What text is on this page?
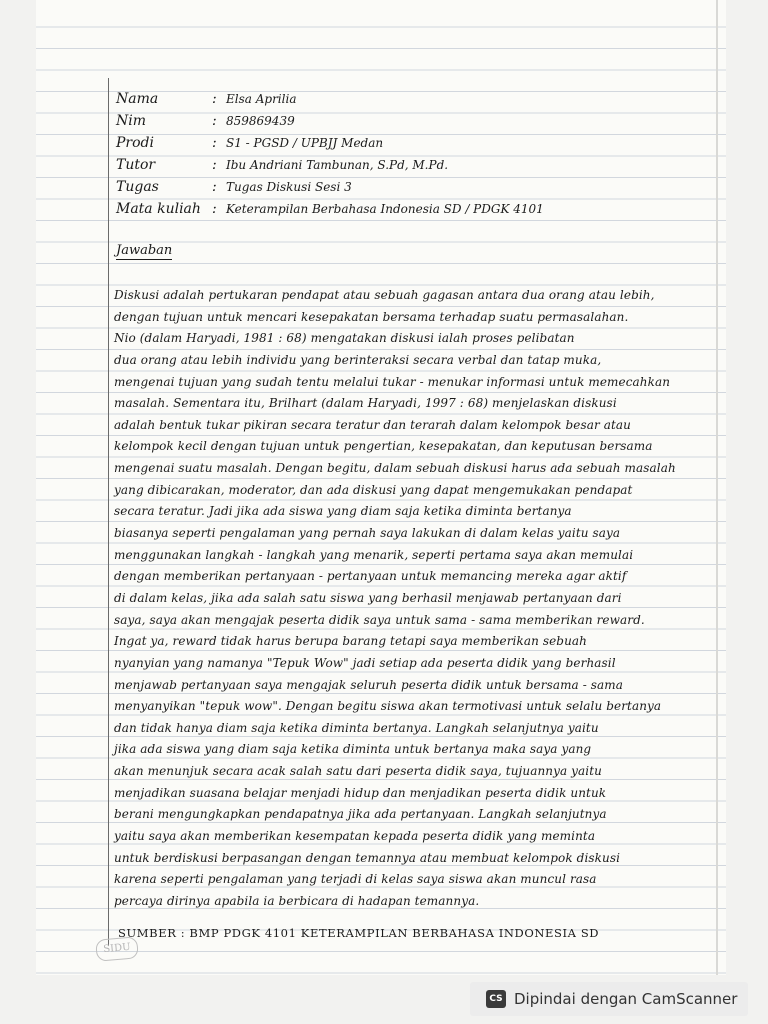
Nama	: Elsa Aprilia
Nim	: 859869439
Prodi	: S1 - PGSD / UPBJJ Medan
Tutor	: Ibu Andriani Tambunan, S.Pd, M.Pd.
Tugas	: Tugas Diskusi Sesi 3
Mata kuliah : Keterampilan Berbahasa Indonesia SD / PDGK 4101
Jawaban
Diskusi adalah pertukaran pendapat atau sebuah gagasan antara dua orang atau lebih,
dengan tujuan untuk mencari kesepakatan bersama terhadap suatu permasalahan.
Nio (dalam Haryadi, 1981 : 68) mengatakan diskusi ialah proses pelibatan
dua orang atau lebih individu yang berinteraksi secara verbal dan tatap muka,
mengenai tujuan yang sudah tentu melalui tukar - menukar informasi untuk memecahkan
masalah. Sementara itu, Brilhart (dalam Haryadi, 1997 : 68) menjelaskan diskusi
adalah bentuk tukar pikiran secara teratur dan terarah dalam kelompok besar atau
kelompok kecil dengan tujuan untuk pengertian, kesepakatan, dan keputusan bersama
mengenai suatu masalah. Dengan begitu, dalam sebuah diskusi harus ada sebuah masalah
yang dibicarakan, moderator, dan ada diskusi yang dapat mengemukakan pendapat
secara teratur. Jadi jika ada siswa yang diam saja ketika diminta bertanya
biasanya seperti pengalaman yang pernah saya lakukan di dalam kelas yaitu saya
menggunakan langkah - langkah yang menarik, seperti pertama saya akan memulai
dengan memberikan pertanyaan - pertanyaan untuk memancing mereka agar aktif
di dalam kelas, jika ada salah satu siswa yang berhasil menjawab pertanyaan dari
saya, saya akan mengajak peserta didik saya untuk sama - sama memberikan reward.
Ingat ya, reward tidak harus berupa barang tetapi saya memberikan sebuah
nyanyian yang namanya "Tepuk Wow" jadi setiap ada peserta didik yang berhasil
menjawab pertanyaan saya mengajak seluruh peserta didik untuk bersama - sama
menyanyikan "tepuk wow". Dengan begitu siswa akan termotivasi untuk selalu bertanya
dan tidak hanya diam saja ketika diminta bertanya. Langkah selanjutnya yaitu
jika ada siswa yang diam saja ketika diminta untuk bertanya maka saya yang
akan menunjuk secara acak salah satu dari peserta didik saya, tujuannya yaitu
menjadikan suasana belajar menjadi hidup dan menjadikan peserta didik untuk
berani mengungkapkan pendapatnya jika ada pertanyaan. Langkah selanjutnya
yaitu saya akan memberikan kesempatan kepada peserta didik yang meminta
untuk berdiskusi berpasangan dengan temannya atau membuat kelompok diskusi
karena seperti pengalaman yang terjadi di kelas saya siswa akan muncul rasa
percaya dirinya apabila ia berbicara di hadapan temannya.
SUMBER : BMP PDGK 4101 KETERAMPILAN BERBAHASA INDONESIA SD
SIDU
CS Dipindai dengan CamScanner
